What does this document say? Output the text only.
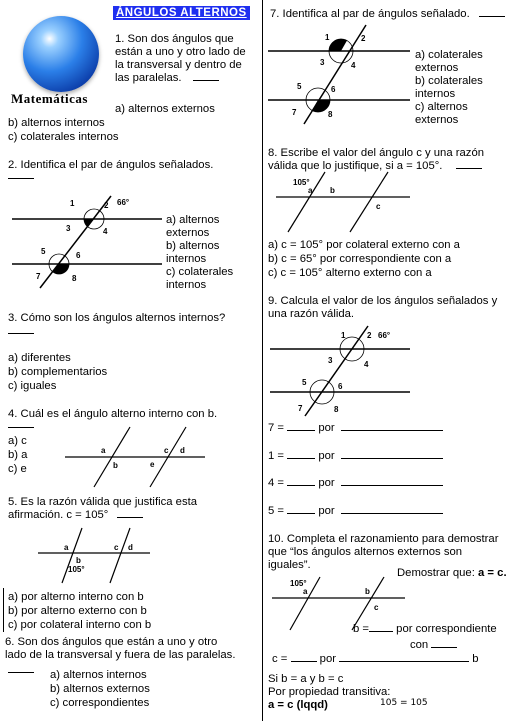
ÁNGULOS ALTERNOS
Matemáticas
1. Son dos ángulos que
están a uno y otro lado de
la transversal y dentro de
las paralelas.
a) alternos externos
b) alternos internos
c) colaterales internos
2. Identifica el par de ángulos señalados.
1	2 66°
3	4
5	6
7	8
a) alternos
externos
b) alternos
internos
c) colaterales
internos
3. Cómo son los ángulos alternos internos?
a) diferentes
b) complementarios
c) iguales
4. Cuál es el ángulo alterno interno con b.
a) c
b) a
c) e
a
b
c d
e
5. Es la razón válida que justifica esta
afirmación. c = 105°
a
b
105°
c d
a) por alterno interno con b
b) por alterno externo con b
c) por colateral interno con b
6. Son dos ángulos que están a uno y otro
lado de la transversal y fuera de las paralelas.
a) alternos internos
b) alternos externos
c) correspondientes
7. Identifica al par de ángulos señalado.
1	2
3	4
5	6
7	8
a) colaterales
externos
b) colaterales
internos
c) alternos
externos
8. Escribe el valor del ángulo c y una razón
válida que lo justifique, si a = 105°.
105°
a b
c
a) c = 105° por colateral externo con a
b) c = 65° por correspondiente con a
c) c = 105° alterno externo con a
9. Calcula el valor de los ángulos señalados y
una razón válida.
1	2 66°
3	4
5	6
7	8
7 =	por
1 =	por
4 =	por
5 =	por
10. Completa el razonamiento para demostrar
que “los ángulos alternos externos son
iguales”.
Demostrar que: a = c.
105°
a	b
c
b = por correspondiente
con
c =	por	b
Si b = a y b = c
Por propiedad transitiva:
a = c (lqqd)	105 = 105
